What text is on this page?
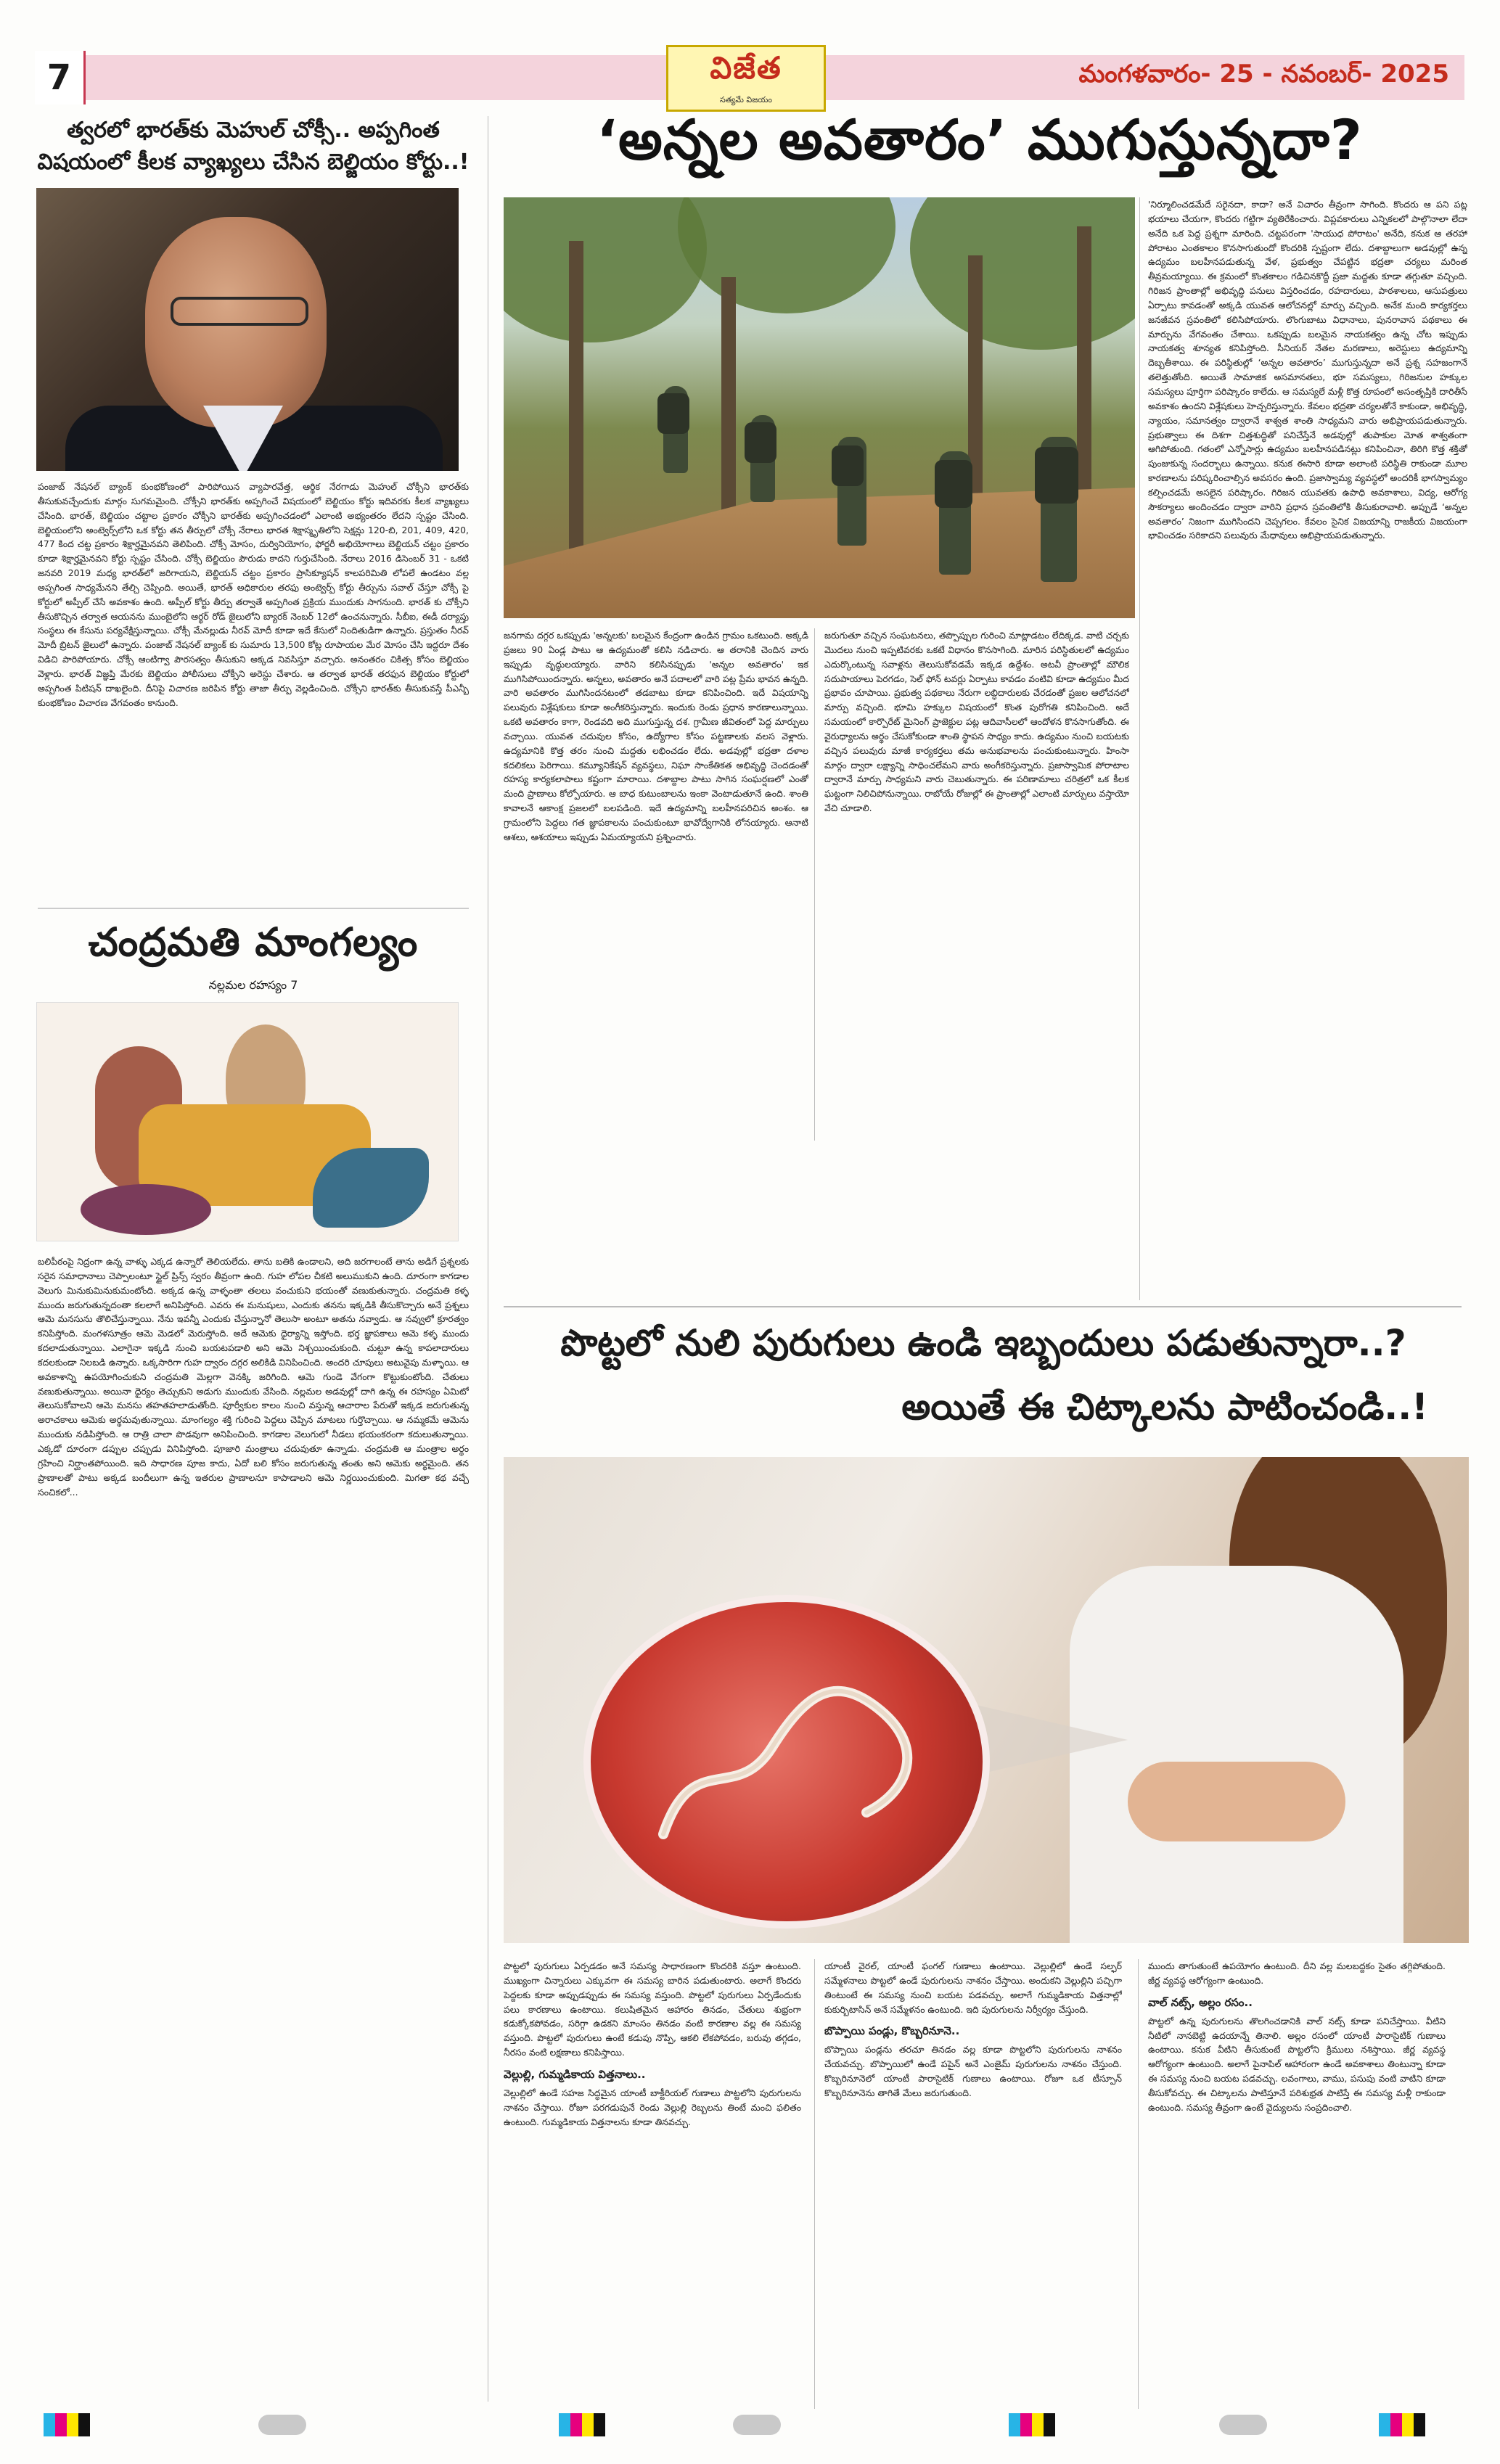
7	విజేత
సత్యమే విజయం
మంగళవారం- 25 - నవంబర్- 2025
త్వరలో భారత్‌కు మెహుల్ చోక్సీ.. అప్పగింత విషయంలో కీలక వ్యాఖ్యలు చేసిన బెల్జియం కోర్టు..!
పంజాబ్ నేషనల్ బ్యాంక్ కుంభకోణంలో పారిపోయిన వ్యాపారవేత్త, ఆర్థిక నేరగాడు మెహుల్ చోక్సీని భారత్‌కు తీసుకువచ్చేందుకు మార్గం సుగమమైంది. చోక్సీని భారత్‌కు అప్పగించే విషయంలో బెల్జియం కోర్టు ఇదివరకు కీలక వ్యాఖ్యలు చేసింది. భారత్, బెల్జియం చట్టాల ప్రకారం చోక్సీని భారత్‌కు అప్పగించడంలో ఎలాంటి అభ్యంతరం లేదని స్పష్టం చేసింది. బెల్జియంలోని అంట్వెర్ప్‌లోని ఒక కోర్టు తన తీర్పులో చోక్సీ నేరాలు భారత శిక్షాస్మృతిలోని సెక్షన్లు 120-బి, 201, 409, 420, 477 కింద చట్ట ప్రకారం శిక్షార్హమైనవని తెలిపింది. చోక్సీ మోసం, దుర్వినియోగం, ఫోర్జరీ అభియోగాలు బెల్జియన్ చట్టం ప్రకారం కూడా శిక్షార్హమైనవని కోర్టు స్పష్టం చేసింది. చోక్సీ బెల్జియం పౌరుడు కాదని గుర్తుచేసింది. నేరాలు 2016 డిసెంబర్ 31 - ఒకటి జనవరి 2019 మధ్య భారత్‌లో జరిగాయని, బెల్జియన్ చట్టం ప్రకారం ప్రాసిక్యూషన్ కాలపరిమితి లోపలే ఉండటం వల్ల అప్పగింత సాధ్యమేనని తేల్చి చెప్పింది. అయితే, భారత్ అధికారుల తరఫు అంట్వెర్ప్ కోర్టు తీర్పును సవాల్ చేస్తూ చోక్సీ పై కోర్టులో అప్పీల్ చేసే అవకాశం ఉంది. అప్పీల్ కోర్టు తీర్పు తర్వాతే అప్పగింత ప్రక్రియ ముందుకు సాగనుంది. భారత్ కు చోక్సీని తీసుకొచ్చిన తర్వాత ఆయనను ముంబైలోని ఆర్థర్ రోడ్ జైలులోని బ్యారక్ నెంబర్ 12లో ఉంచనున్నారు. సీబీఐ, ఈడీ దర్యాప్తు సంస్థలు ఈ కేసును పర్యవేక్షిస్తున్నాయి. చోక్సీ మేనల్లుడు నీరవ్ మోదీ కూడా ఇదే కేసులో నిందితుడిగా ఉన్నారు. ప్రస్తుతం నీరవ్ మోదీ బ్రిటన్ జైలులో ఉన్నారు. పంజాబ్ నేషనల్ బ్యాంక్ కు సుమారు 13,500 కోట్ల రూపాయల మేర మోసం చేసి ఇద్దరూ దేశం విడిచి పారిపోయారు. చోక్సీ ఆంటిగ్వా పౌరసత్వం తీసుకుని అక్కడ నివసిస్తూ వచ్చారు. అనంతరం చికిత్స కోసం బెల్జియం వెళ్లారు. భారత్ విజ్ఞప్తి మేరకు బెల్జియం పోలీసులు చోక్సీని అరెస్టు చేశారు. ఆ తర్వాత భారత్ తరఫున బెల్జియం కోర్టులో అప్పగింత పిటిషన్ దాఖలైంది. దీనిపై విచారణ జరిపిన కోర్టు తాజా తీర్పు వెల్లడించింది. చోక్సీని భారత్‌కు తీసుకువస్తే పీఎన్బీ కుంభకోణం విచారణ వేగవంతం కానుంది.
చంద్రమతి మాంగల్యం
నల్లమల రహస్యం 7
బలిపీఠంపై నిద్రంగా ఉన్న వాళ్ళు ఎక్కడ ఉన్నారో తెలియలేదు. తాను బతికి ఉండాలని, అది జరగాలంటే తాను అడిగే ప్రశ్నలకు సరైన సమాధానాలు చెప్పాలంటూ స్టైల్ ప్రిన్స్ స్వరం తీవ్రంగా ఉంది. గుహ లోపల చీకటి అలుముకుని ఉంది. దూరంగా కాగడాల వెలుగు మినుకుమినుకుమంటోంది. అక్కడ ఉన్న వాళ్ళంతా తలలు వంచుకుని భయంతో వణుకుతున్నారు. చంద్రమతి కళ్ళ ముందు జరుగుతున్నదంతా కలలాగే అనిపిస్తోంది. ఎవరు ఈ మనుషులు, ఎందుకు తనను ఇక్కడికి తీసుకొచ్చారు అనే ప్రశ్నలు ఆమె మనసును తొలిచేస్తున్నాయి. నేను ఇవన్నీ ఎందుకు చేస్తున్నానో తెలుసా అంటూ అతను నవ్వాడు. ఆ నవ్వులో క్రూరత్వం కనిపిస్తోంది. మంగళసూత్రం ఆమె మెడలో మెరుస్తోంది. అదే ఆమెకు ధైర్యాన్ని ఇస్తోంది. భర్త జ్ఞాపకాలు ఆమె కళ్ళ ముందు కదలాడుతున్నాయి. ఎలాగైనా ఇక్కడి నుంచి బయటపడాలి అని ఆమె నిశ్చయించుకుంది. చుట్టూ ఉన్న కాపలాదారులు కదలకుండా నిలబడి ఉన్నారు. ఒక్కసారిగా గుహ ద్వారం దగ్గర అలికిడి వినిపించింది. అందరి చూపులు అటువైపు మళ్ళాయి. ఆ అవకాశాన్ని ఉపయోగించుకుని చంద్రమతి మెల్లగా వెనక్కి జరిగింది. ఆమె గుండె వేగంగా కొట్టుకుంటోంది. చేతులు వణుకుతున్నాయి. అయినా ధైర్యం తెచ్చుకుని అడుగు ముందుకు వేసింది. నల్లమల అడవుల్లో దాగి ఉన్న ఈ రహస్యం ఏమిటో తెలుసుకోవాలని ఆమె మనసు తహతహలాడుతోంది. పూర్వీకుల కాలం నుంచి వస్తున్న ఆచారాల పేరుతో ఇక్కడ జరుగుతున్న అరాచకాలు ఆమెకు అర్థమవుతున్నాయి. మాంగల్యం శక్తి గురించి పెద్దలు చెప్పిన మాటలు గుర్తొచ్చాయి. ఆ నమ్మకమే ఆమెను ముందుకు నడిపిస్తోంది. ఆ రాత్రి చాలా పొడవుగా అనిపించింది. కాగడాల వెలుగులో నీడలు భయంకరంగా కదులుతున్నాయి. ఎక్కడో దూరంగా డప్పుల చప్పుడు వినిపిస్తోంది. పూజారి మంత్రాలు చదువుతూ ఉన్నాడు. చంద్రమతి ఆ మంత్రాల అర్థం గ్రహించి నిర్ఘాంతపోయింది. ఇది సాధారణ పూజ కాదు, ఏదో బలి కోసం జరుగుతున్న తంతు అని ఆమెకు అర్థమైంది. తన ప్రాణాలతో పాటు అక్కడ బందీలుగా ఉన్న ఇతరుల ప్రాణాలనూ కాపాడాలని ఆమె నిర్ణయించుకుంది. మిగతా కథ వచ్చే సంచికలో...
‘అన్నల అవతారం’ ముగుస్తున్నదా?
'నిర్మూలించడమేదే సరైనదా, కాదా? అనే విచారం తీవ్రంగా సాగింది. కొందరు ఆ పని పట్ల భయాలు చేయగా, కొందరు గట్టిగా వ్యతిరేకించారు. విప్లవకారులు ఎన్నికలలో పాల్గొనాలా లేదా అనేది ఒక పెద్ద ప్రశ్నగా మారింది. చట్టపరంగా 'సాయుధ పోరాటం' అనేది, కనుక ఆ తరహా పోరాటం ఎంతకాలం కొనసాగుతుందో కొందరికి స్పష్టంగా లేదు. దశాబ్దాలుగా అడవుల్లో ఉన్న ఉద్యమం బలహీనపడుతున్న వేళ, ప్రభుత్వం చేపట్టిన భద్రతా చర్యలు మరింత తీవ్రమయ్యాయి. ఈ క్రమంలో కొంతకాలం గడిచినకొద్దీ ప్రజా మద్దతు కూడా తగ్గుతూ వచ్చింది. గిరిజన ప్రాంతాల్లో అభివృద్ధి పనులు విస్తరించడం, రహదారులు, పాఠశాలలు, ఆసుపత్రులు ఏర్పాటు కావడంతో అక్కడి యువత ఆలోచనల్లో మార్పు వచ్చింది. అనేక మంది కార్యకర్తలు జనజీవన స్రవంతిలో కలిసిపోయారు. లొంగుబాటు విధానాలు, పునరావాస పథకాలు ఈ మార్పును వేగవంతం చేశాయి. ఒకప్పుడు బలమైన నాయకత్వం ఉన్న చోట ఇప్పుడు నాయకత్వ శూన్యత కనిపిస్తోంది. సీనియర్ నేతల మరణాలు, అరెస్టులు ఉద్యమాన్ని దెబ్బతీశాయి. ఈ పరిస్థితుల్లో ‘అన్నల అవతారం’ ముగుస్తున్నదా అనే ప్రశ్న సహజంగానే తలెత్తుతోంది. అయితే సామాజిక అసమానతలు, భూ సమస్యలు, గిరిజనుల హక్కుల సమస్యలు పూర్తిగా పరిష్కారం కాలేదు. ఆ సమస్యలే మళ్లీ కొత్త రూపంలో అసంతృప్తికి దారితీసే అవకాశం ఉందని విశ్లేషకులు హెచ్చరిస్తున్నారు. కేవలం భద్రతా చర్యలతోనే కాకుండా, అభివృద్ధి, న్యాయం, సమానత్వం ద్వారానే శాశ్వత శాంతి సాధ్యమని వారు అభిప్రాయపడుతున్నారు. ప్రభుత్వాలు ఈ దిశగా చిత్తశుద్ధితో పనిచేస్తేనే అడవుల్లో తుపాకుల మోత శాశ్వతంగా ఆగిపోతుంది. గతంలో ఎన్నోసార్లు ఉద్యమం బలహీనపడినట్లు కనిపించినా, తిరిగి కొత్త శక్తితో పుంజుకున్న సందర్భాలు ఉన్నాయి. కనుక ఈసారి కూడా అలాంటి పరిస్థితి రాకుండా మూల కారణాలను పరిష్కరించాల్సిన అవసరం ఉంది. ప్రజాస్వామ్య వ్యవస్థలో అందరికీ భాగస్వామ్యం కల్పించడమే అసలైన పరిష్కారం. గిరిజన యువతకు ఉపాధి అవకాశాలు, విద్య, ఆరోగ్య సౌకర్యాలు అందించడం ద్వారా వారిని ప్రధాన స్రవంతిలోకి తీసుకురావాలి. అప్పుడే ‘అన్నల అవతారం’ నిజంగా ముగిసిందని చెప్పగలం. కేవలం సైనిక విజయాన్ని రాజకీయ విజయంగా భావించడం సరికాదని పలువురు మేధావులు అభిప్రాయపడుతున్నారు.
జనగామ దగ్గర ఒకప్పుడు 'అన్నలకు' బలమైన కేంద్రంగా ఉండిన గ్రామం ఒకటుంది. అక్కడి ప్రజలు 90 ఏండ్ల పాటు ఆ ఉద్యమంతో కలిసి నడిచారు. ఆ తరానికి చెందిన వారు ఇప్పుడు వృద్ధులయ్యారు. వారిని కలిసినప్పుడు 'అన్నల అవతారం' ఇక ముగిసిపోయిందన్నారు. అన్నలు, అవతారం అనే పదాలలో వారి పట్ల ప్రేమ భావన ఉన్నది. వారి అవతారం ముగిసిందనటంలో తడబాటు కూడా కనిపించింది. ఇదే విషయాన్ని పలువురు విశ్లేషకులు కూడా అంగీకరిస్తున్నారు. ఇందుకు రెండు ప్రధాన కారణాలున్నాయి. ఒకటి అవతారం కాగా, రెండవది అది ముగుస్తున్న దశ. గ్రామీణ జీవితంలో పెద్ద మార్పులు వచ్చాయి. యువత చదువుల కోసం, ఉద్యోగాల కోసం పట్టణాలకు వలస వెళ్లారు. ఉద్యమానికి కొత్త తరం నుంచి మద్దతు లభించడం లేదు. అడవుల్లో భద్రతా దళాల కదలికలు పెరిగాయి. కమ్యూనికేషన్ వ్యవస్థలు, నిఘా సాంకేతికత అభివృద్ధి చెందడంతో రహస్య కార్యకలాపాలు కష్టంగా మారాయి. దశాబ్దాల పాటు సాగిన సంఘర్షణలో ఎంతో మంది ప్రాణాలు కోల్పోయారు. ఆ బాధ కుటుంబాలను ఇంకా వెంటాడుతూనే ఉంది. శాంతి కావాలనే ఆకాంక్ష ప్రజలలో బలపడింది. ఇదే ఉద్యమాన్ని బలహీనపరిచిన అంశం. ఆ గ్రామంలోని పెద్దలు గత జ్ఞాపకాలను పంచుకుంటూ భావోద్వేగానికి లోనయ్యారు. ఆనాటి ఆశలు, ఆశయాలు ఇప్పుడు ఏమయ్యాయని ప్రశ్నించారు.
జరుగుతూ వచ్చిన సంఘటనలు, తప్పొప్పుల గురించి మాట్లాడటం లేదిక్కడ. వాటి చర్చకు మొదలు నుంచి ఇప్పటివరకు ఒకటే విధానం కొనసాగింది. మారిన పరిస్థితులలో ఉద్యమం ఎదుర్కొంటున్న సవాళ్లను తెలుసుకోవడమే ఇక్కడ ఉద్దేశం. అటవీ ప్రాంతాల్లో మౌలిక సదుపాయాలు పెరగడం, సెల్ ఫోన్ టవర్లు ఏర్పాటు కావడం వంటివి కూడా ఉద్యమం మీద ప్రభావం చూపాయి. ప్రభుత్వ పథకాలు నేరుగా లబ్ధిదారులకు చేరడంతో ప్రజల ఆలోచనలో మార్పు వచ్చింది. భూమి హక్కుల విషయంలో కొంత పురోగతి కనిపించింది. అదే సమయంలో కార్పొరేట్ మైనింగ్ ప్రాజెక్టుల పట్ల ఆదివాసీలలో ఆందోళన కొనసాగుతోంది. ఈ వైరుధ్యాలను అర్థం చేసుకోకుండా శాంతి స్థాపన సాధ్యం కాదు. ఉద్యమం నుంచి బయటకు వచ్చిన పలువురు మాజీ కార్యకర్తలు తమ అనుభవాలను పంచుకుంటున్నారు. హింసా మార్గం ద్వారా లక్ష్యాన్ని సాధించలేమని వారు అంగీకరిస్తున్నారు. ప్రజాస్వామిక పోరాటాల ద్వారానే మార్పు సాధ్యమని వారు చెబుతున్నారు. ఈ పరిణామాలు చరిత్రలో ఒక కీలక ఘట్టంగా నిలిచిపోనున్నాయి. రాబోయే రోజుల్లో ఈ ప్రాంతాల్లో ఎలాంటి మార్పులు వస్తాయో వేచి చూడాలి.
పొట్టలో నులి పురుగులు ఉండి ఇబ్బందులు పడుతున్నారా..?
అయితే ఈ చిట్కాలను పాటించండి..!
పొట్టలో పురుగులు ఏర్పడడం అనే సమస్య సాధారణంగా కొందరికి వస్తూ ఉంటుంది. ముఖ్యంగా చిన్నారులు ఎక్కువగా ఈ సమస్య బారిన పడుతుంటారు. అలాగే కొందరు పెద్దలకు కూడా అప్పుడప్పుడు ఈ సమస్య వస్తుంది. పొట్టలో పురుగులు ఏర్పడేందుకు పలు కారణాలు ఉంటాయి. కలుషితమైన ఆహారం తినడం, చేతులు శుభ్రంగా కడుక్కోకపోవడం, సరిగ్గా ఉడకని మాంసం తినడం వంటి కారణాల వల్ల ఈ సమస్య వస్తుంది. పొట్టలో పురుగులు ఉంటే కడుపు నొప్పి, ఆకలి లేకపోవడం, బరువు తగ్గడం, నీరసం వంటి లక్షణాలు కనిపిస్తాయి.
వెల్లుల్లి, గుమ్మడికాయ విత్తనాలు..
వెల్లుల్లిలో ఉండే సహజ సిద్ధమైన యాంటీ బాక్టీరియల్ గుణాలు పొట్టలోని పురుగులను నాశనం చేస్తాయి. రోజూ పరగడుపునే రెండు వెల్లుల్లి రెబ్బలను తింటే మంచి ఫలితం ఉంటుంది. గుమ్మడికాయ విత్తనాలను కూడా తినవచ్చు.
యాంటీ వైరల్, యాంటీ ఫంగల్ గుణాలు ఉంటాయి. వెల్లుల్లిలో ఉండే సల్ఫర్ సమ్మేళనాలు పొట్టలో ఉండే పురుగులను నాశనం చేస్తాయి. అందుకని వెల్లుల్లిని పచ్చిగా తింటుంటే ఈ సమస్య నుంచి బయట పడవచ్చు. అలాగే గుమ్మడికాయ విత్తనాల్లో కుకుర్బిటాసిన్ అనే సమ్మేళనం ఉంటుంది. ఇది పురుగులను నిర్వీర్యం చేస్తుంది.
బొప్పాయి పండ్లు, కొబ్బరినూనె..
బొప్పాయి పండ్లను తరచూ తినడం వల్ల కూడా పొట్టలోని పురుగులను నాశనం చేయవచ్చు. బొప్పాయిలో ఉండే పపైన్ అనే ఎంజైమ్ పురుగులను నాశనం చేస్తుంది. కొబ్బరినూనెలో యాంటీ పారాసైటిక్ గుణాలు ఉంటాయి. రోజూ ఒక టీస్పూన్ కొబ్బరినూనెను తాగితే మేలు జరుగుతుంది.
ముందు తాగుతుంటే ఉపయోగం ఉంటుంది. దీని వల్ల మలబద్దకం సైతం తగ్గిపోతుంది. జీర్ణ వ్యవస్థ ఆరోగ్యంగా ఉంటుంది.
వాల్ నట్స్, అల్లం రసం..
పొట్టలో ఉన్న పురుగులను తొలగించడానికి వాల్ నట్స్ కూడా పనిచేస్తాయి. వీటిని నీటిలో నానబెట్టి ఉదయాన్నే తినాలి. అల్లం రసంలో యాంటీ పారాసైటిక్ గుణాలు ఉంటాయి. కనుక వీటిని తీసుకుంటే పొట్టలోని క్రిములు నశిస్తాయి. జీర్ణ వ్యవస్థ ఆరోగ్యంగా ఉంటుంది. అలాగే పైనాపిల్ ఆహారంగా ఉండే అవకాశాలు తింటున్నా కూడా ఈ సమస్య నుంచి బయట పడవచ్చు. లవంగాలు, వాము, పసుపు వంటి వాటిని కూడా తీసుకోవచ్చు. ఈ చిట్కాలను పాటిస్తూనే పరిశుభ్రత పాటిస్తే ఈ సమస్య మళ్లీ రాకుండా ఉంటుంది. సమస్య తీవ్రంగా ఉంటే వైద్యులను సంప్రదించాలి.
